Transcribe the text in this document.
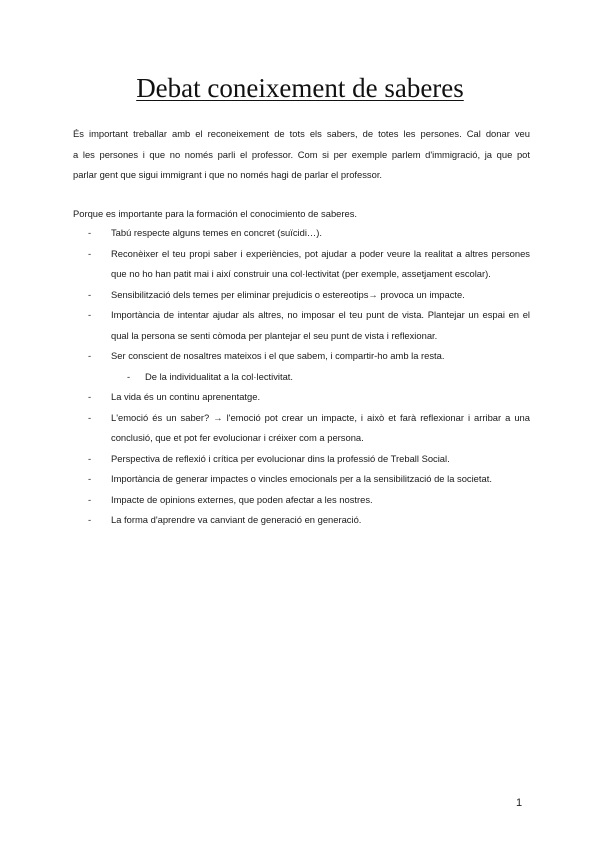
Debat coneixement de saberes

És important treballar amb el reconeixement de tots els sabers, de totes les persones. Cal donar veu
a les persones i que no només parli el professor. Com si per exemple parlem d'immigració, ja que pot
parlar gent que sigui immigrant i que no només hagi de parlar el professor.

Porque es importante para la formación el conocimiento de saberes.

- Tabú respecte alguns temes en concret (suïcidi…).
- Reconèixer el teu propi saber i experiències, pot ajudar a poder veure la realitat a altres persones que no ho han patit mai i així construir una col·lectivitat (per exemple, assetjament escolar).
- Sensibilització dels temes per eliminar prejudicis o estereotips→ provoca un impacte.
- Importància de intentar ajudar als altres, no imposar el teu punt de vista. Plantejar un espai en el qual la persona se senti còmoda per plantejar el seu punt de vista i reflexionar.
- Ser conscient de nosaltres mateixos i el que sabem, i compartir-ho amb la resta.
- De la individualitat a la col·lectivitat.
- La vida és un continu aprenentatge.
- L'emoció és un saber? → l'emoció pot crear un impacte, i això et farà reflexionar i arribar a una conclusió, que et pot fer evolucionar i créixer com a persona.
- Perspectiva de reflexió i crítica per evolucionar dins la professió de Treball Social.
- Importància de generar impactes o vincles emocionals per a la sensibilització de la societat.
- Impacte de opinions externes, que poden afectar a les nostres.
- La forma d'aprendre va canviant de generació en generació.
1
